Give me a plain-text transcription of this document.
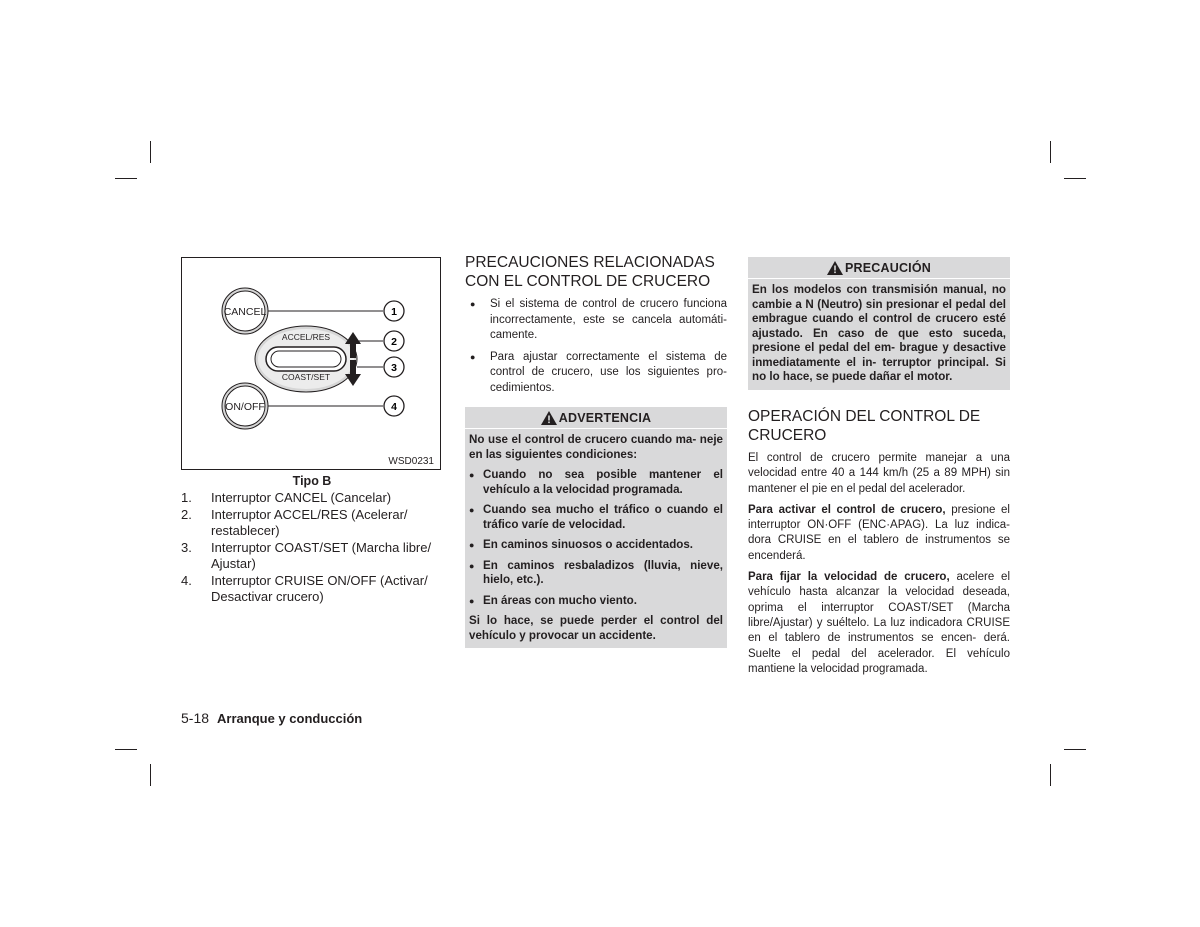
CANCEL
ACCEL/RES
COAST/SET
ON/OFF
1
2
3
4
WSD0231
Tipo B
1.	Interruptor CANCEL (Cancelar)
2.	Interruptor ACCEL/RES (Acelerar/ restablecer)
3.	Interruptor COAST/SET (Marcha libre/ Ajustar)
4.	Interruptor CRUISE ON/OFF (Activar/ Desactivar crucero)
PRECAUCIONES RELACIONADAS CON EL CONTROL DE CRUCERO
●	Si el sistema de control de crucero funciona incorrectamente, este se cancela automáti- camente.
●	Para ajustar correctamente el sistema de control de crucero, use los siguientes pro- cedimientos.
ADVERTENCIA

No use el control de crucero cuando ma- neje en las siguientes condiciones:

● Cuando no sea posible mantener el vehículo a la velocidad programada.
● Cuando sea mucho el tráfico o cuando el tráfico varíe de velocidad.
● En caminos sinuosos o accidentados.
● En caminos resbaladizos (lluvia, nieve, hielo, etc.).
● En áreas con mucho viento.

Si lo hace, se puede perder el control del vehículo y provocar un accidente.

PRECAUCIÓN

En los modelos con transmisión manual, no cambie a N (Neutro) sin presionar el pedal del embrague cuando el control de crucero esté ajustado. En caso de que esto suceda, presione el pedal del em- brague y desactive inmediatamente el in- terruptor principal. Si no lo hace, se puede dañar el motor.

OPERACIÓN DEL CONTROL DE CRUCERO

El control de crucero permite manejar a una velocidad entre 40 a 144 km/h (25 a 89 MPH) sin mantener el pie en el pedal del acelerador.

Para activar el control de crucero, presione el interruptor ON·OFF (ENC·APAG). La luz indica- dora CRUISE en el tablero de instrumentos se encenderá.

Para fijar la velocidad de crucero, acelere el vehículo hasta alcanzar la velocidad deseada, oprima el interruptor COAST/SET (Marcha libre/Ajustar) y suéltelo. La luz indicadora CRUISE en el tablero de instrumentos se encen- derá. Suelte el pedal del acelerador. El vehículo mantiene la velocidad programada.

5-18 Arranque y conducción
